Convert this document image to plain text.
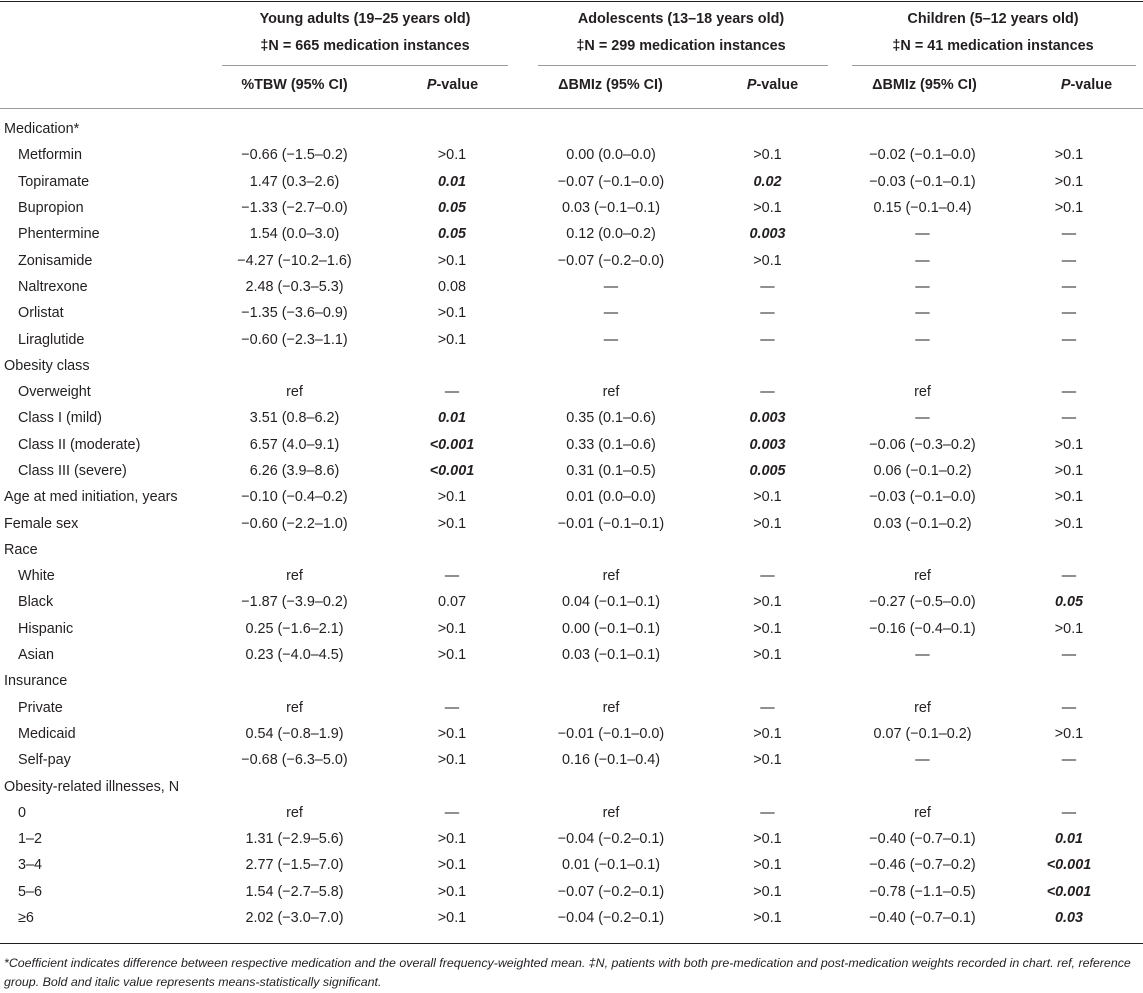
Young adults (19–25 years old)
‡N = 665 medication instances
Adolescents (13–18 years old)
‡N = 299 medication instances
Children (5–12 years old)
‡N = 41 medication instances
%TBW (95% CI)	P-value	ΔBMIz (95% CI)	P-value	ΔBMIz (95% CI)	P-value
Medication*						
Metformin	−0.66 (−1.5–0.2)	>0.1	0.00 (0.0–0.0)	>0.1	−0.02 (−0.1–0.0)	>0.1
Topiramate	1.47 (0.3–2.6)	0.01	−0.07 (−0.1–0.0)	0.02	−0.03 (−0.1–0.1)	>0.1
Bupropion	−1.33 (−2.7–0.0)	0.05	0.03 (−0.1–0.1)	>0.1	0.15 (−0.1–0.4)	>0.1
Phentermine	1.54 (0.0–3.0)	0.05	0.12 (0.0–0.2)	0.003	—	—
Zonisamide	−4.27 (−10.2–1.6)	>0.1	−0.07 (−0.2–0.0)	>0.1	—	—
Naltrexone	2.48 (−0.3–5.3)	0.08	—	—	—	—
Orlistat	−1.35 (−3.6–0.9)	>0.1	—	—	—	—
Liraglutide	−0.60 (−2.3–1.1)	>0.1	—	—	—	—
Obesity class						
Overweight	ref	—	ref	—	ref	—
Class I (mild)	3.51 (0.8–6.2)	0.01	0.35 (0.1–0.6)	0.003	—	—
Class II (moderate)	6.57 (4.0–9.1)	<0.001	0.33 (0.1–0.6)	0.003	−0.06 (−0.3–0.2)	>0.1
Class III (severe)	6.26 (3.9–8.6)	<0.001	0.31 (0.1–0.5)	0.005	0.06 (−0.1–0.2)	>0.1
Age at med initiation, years	−0.10 (−0.4–0.2)	>0.1	0.01 (0.0–0.0)	>0.1	−0.03 (−0.1–0.0)	>0.1
Female sex	−0.60 (−2.2–1.0)	>0.1	−0.01 (−0.1–0.1)	>0.1	0.03 (−0.1–0.2)	>0.1
Race						
White	ref	—	ref	—	ref	—
Black	−1.87 (−3.9–0.2)	0.07	0.04 (−0.1–0.1)	>0.1	−0.27 (−0.5–0.0)	0.05
Hispanic	0.25 (−1.6–2.1)	>0.1	0.00 (−0.1–0.1)	>0.1	−0.16 (−0.4–0.1)	>0.1
Asian	0.23 (−4.0–4.5)	>0.1	0.03 (−0.1–0.1)	>0.1	—	—
Insurance						
Private	ref	—	ref	—	ref	—
Medicaid	0.54 (−0.8–1.9)	>0.1	−0.01 (−0.1–0.0)	>0.1	0.07 (−0.1–0.2)	>0.1
Self-pay	−0.68 (−6.3–5.0)	>0.1	0.16 (−0.1–0.4)	>0.1	—	—
Obesity-related illnesses, N						
0	ref	—	ref	—	ref	—
1–2	1.31 (−2.9–5.6)	>0.1	−0.04 (−0.2–0.1)	>0.1	−0.40 (−0.7–0.1)	0.01
3–4	2.77 (−1.5–7.0)	>0.1	0.01 (−0.1–0.1)	>0.1	−0.46 (−0.7–0.2)	<0.001
5–6	1.54 (−2.7–5.8)	>0.1	−0.07 (−0.2–0.1)	>0.1	−0.78 (−1.1–0.5)	<0.001
≥6	2.02 (−3.0–7.0)	>0.1	−0.04 (−0.2–0.1)	>0.1	−0.40 (−0.7–0.1)	0.03
*Coefficient indicates difference between respective medication and the overall frequency-weighted mean. ‡N, patients with both pre-medication and post-medication weights recorded in chart. ref, reference group. Bold and italic value represents means-statistically significant.
